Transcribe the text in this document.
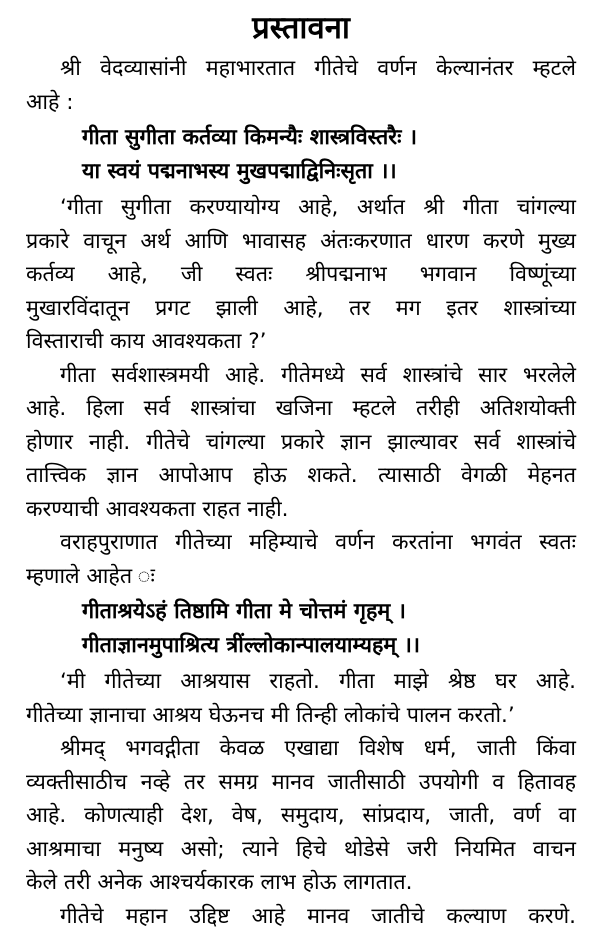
प्रस्तावना

श्री वेदव्यासांनी महाभारतात गीतेचे वर्णन केल्यानंतर म्हटले
आहे :

गीता सुगीता कर्तव्या किमन्यैः शास्त्रविस्तरैः ।
या स्वयं पद्मनाभस्य मुखपद्माद्विनिःसृता ।।

‘गीता सुगीता करण्यायोग्य आहे, अर्थात श्री गीता चांगल्या
प्रकारे वाचून अर्थ आणि भावासह अंतःकरणात धारण करणे मुख्य
कर्तव्य आहे, जी स्वतः श्रीपद्मनाभ भगवान विष्णूंच्या
मुखारविंदातून प्रगट झाली आहे, तर मग इतर शास्त्रांच्या
विस्ताराची काय आवश्यकता ?’

गीता सर्वशास्त्रमयी आहे. गीतेमध्ये सर्व शास्त्रांचे सार भरलेले
आहे. हिला सर्व शास्त्रांचा खजिना म्हटले तरीही अतिशयोक्ती
होणार नाही. गीतेचे चांगल्या प्रकारे ज्ञान झाल्यावर सर्व शास्त्रांचे
तात्त्विक ज्ञान आपोआप होऊ शकते. त्यासाठी वेगळी मेहनत
करण्याची आवश्यकता राहत नाही.

वराहपुराणात गीतेच्या महिम्याचे वर्णन करतांना भगवंत स्वतः
म्हणाले आहेत ः

गीताश्रयेऽहं तिष्ठामि गीता मे चोत्तमं गृहम् ।
गीताज्ञानमुपाश्रित्य त्रींल्लोकान्पालयाम्यहम् ।।

‘मी गीतेच्या आश्रयास राहतो. गीता माझे श्रेष्ठ घर आहे.
गीतेच्या ज्ञानाचा आश्रय घेऊनच मी तिन्ही लोकांचे पालन करतो.’

श्रीमद् भगवद्गीता केवळ एखाद्या विशेष धर्म, जाती किंवा
व्यक्तीसाठीच नव्हे तर समग्र मानव जातीसाठी उपयोगी व हितावह
आहे. कोणत्याही देश, वेष, समुदाय, सांप्रदाय, जाती, वर्ण वा
आश्रमाचा मनुष्य असो; त्याने हिचे थोडेसे जरी नियमित वाचन
केले तरी अनेक आश्चर्यकारक लाभ होऊ लागतात.

गीतेचे महान उद्दिष्ट आहे मानव जातीचे कल्याण करणे.
